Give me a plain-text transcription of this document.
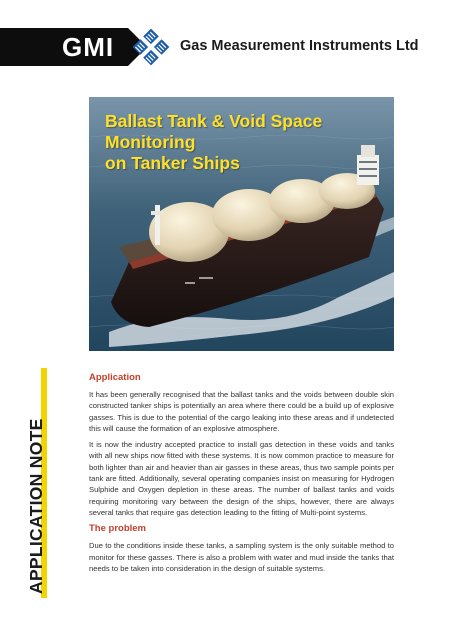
GMI	Gas Measurement Instruments Ltd
Ballast Tank & Void Space Monitoring
on Tanker Ships
APPLICATION NOTE
Application

It has been generally recognised that the ballast tanks and the voids between double skin constructed tanker ships is potentially an area where there could be a build up of explosive gasses. This is due to the potential of the cargo leaking into these areas and if undetected this will cause the formation of an explosive atmosphere.

It is now the industry accepted practice to install gas detection in these voids and tanks with all new ships now fitted with these systems. It is now common practice to measure for both lighter than air and heavier than air gasses in these areas, thus two sample points per tank are fitted. Additionally, several operating companies insist on measuring for Hydrogen Sulphide and Oxygen depletion in these areas. The number of ballast tanks and voids requiring monitoring vary between the design of the ships, however, there are always several tanks that require gas detection leading to the fitting of Multi-point systems.

The problem

Due to the conditions inside these tanks, a sampling system is the only suitable method to monitor for these gasses. There is also a problem with water and mud inside the tanks that needs to be taken into consideration in the design of suitable systems.
